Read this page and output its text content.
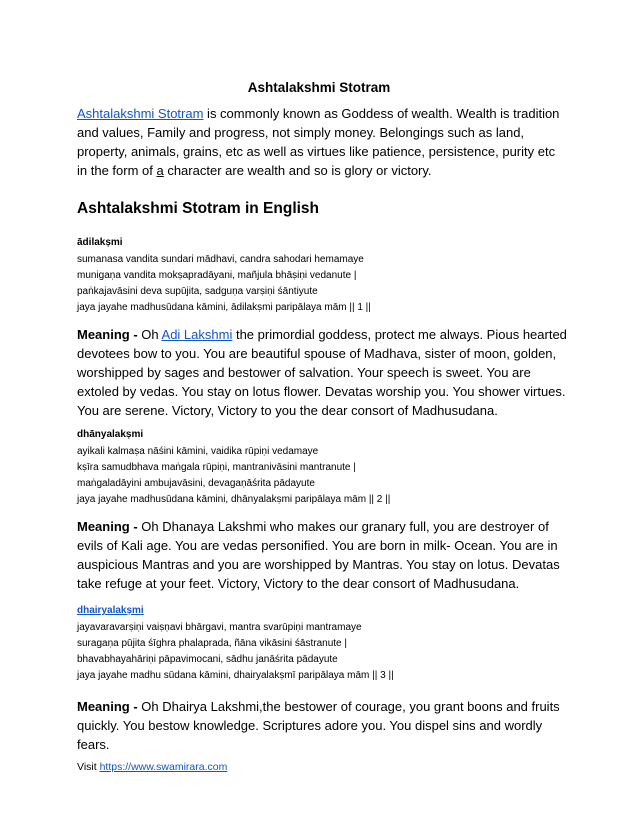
Ashtalakshmi Stotram
Ashtalakshmi Stotram is commonly known as Goddess of wealth. Wealth is tradition and values, Family and progress, not simply money. Belongings such as land, property, animals, grains, etc as well as virtues like patience, persistence, purity etc in the form of a character are wealth and so is glory or victory.
Ashtalakshmi Stotram in English
ādilakṣmi
sumanasa vandita sundari mādhavi, candra sahodari hemamaye
munigaṇa vandita mokṣapradāyani, mañjula bhāṣiṇi vedanute |
paṅkajavāsini deva supūjita, sadguṇa varṣiṇi śāntiyute
jaya jayahe madhusūdana kāmini, ādilakṣmi paripālaya mām || 1 ||
Meaning - Oh Adi Lakshmi the primordial goddess, protect me always. Pious hearted devotees bow to you. You are beautiful spouse of Madhava, sister of moon, golden, worshipped by sages and bestower of salvation. Your speech is sweet. You are extoled by vedas. You stay on lotus flower. Devatas worship you. You shower virtues. You are serene. Victory, Victory to you the dear consort of Madhusudana.
dhānyalakṣmi
ayikali kalmaṣa nāśini kāmini, vaidika rūpiṇi vedamaye
kṣīra samudbhava maṅgala rūpiṇi, mantranivāsini mantranute |
maṅgaladāyini ambujavāsini, devagaṇāśrita pādayute
jaya jayahe madhusūdana kāmini, dhānyalakṣmi paripālaya mām || 2 ||
Meaning - Oh Dhanaya Lakshmi who makes our granary full, you are destroyer of evils of Kali age. You are vedas personified. You are born in milk- Ocean. You are in auspicious Mantras and you are worshipped by Mantras. You stay on lotus. Devatas take refuge at your feet. Victory, Victory to the dear consort of Madhusudana.
dhairyalakṣmi
jayavaravarṣiṇi vaiṣṇavi bhārgavi, mantra svarūpiṇi mantramaye
suragaṇa pūjita śīghra phalaprada, ñāna vikāsini śāstranute |
bhavabhayahāriṇi pāpavimocani, sādhu janāśrita pādayute
jaya jayahe madhu sūdana kāmini, dhairyalakṣmī paripālaya mām || 3 ||
Meaning - Oh Dhairya Lakshmi,the bestower of courage, you grant boons and fruits quickly. You bestow knowledge. Scriptures adore you. You dispel sins and wordly fears.
Visit https://www.swamirara.com
